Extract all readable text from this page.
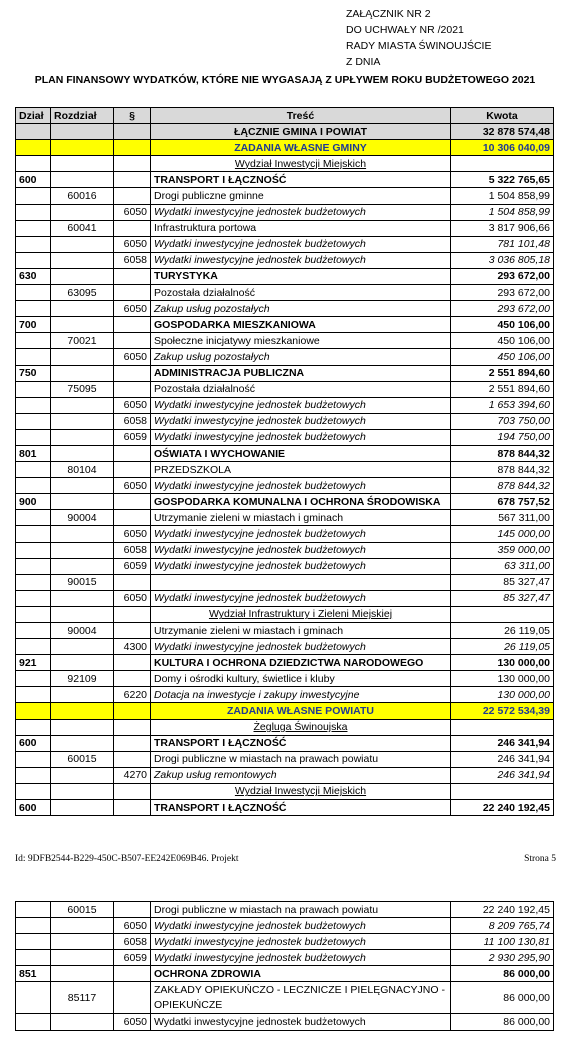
ZAŁĄCZNIK NR 2
DO UCHWAŁY NR /2021
RADY MIASTA ŚWINOUJŚCIE
Z DNIA
PLAN FINANSOWY WYDATKÓW, KTÓRE NIE WYGASAJĄ Z UPŁYWEM ROKU BUDŻETOWEGO 2021
Dział	Rozdział	§	Treść	Kwota
			ŁĄCZNIE GMINA I POWIAT	32 878 574,48
			ZADANIA WŁASNE GMINY	10 306 040,09
			Wydział Inwestycji Miejskich	
600			TRANSPORT I ŁĄCZNOŚĆ	5 322 765,65
	60016		Drogi publiczne gminne	1 504 858,99
		6050	Wydatki inwestycyjne jednostek budżetowych	1 504 858,99
	60041		Infrastruktura portowa	3 817 906,66
		6050	Wydatki inwestycyjne jednostek budżetowych	781 101,48
		6058	Wydatki inwestycyjne jednostek budżetowych	3 036 805,18
630			TURYSTYKA	293 672,00
	63095		Pozostała działalność	293 672,00
		6050	Zakup usług pozostałych	293 672,00
700			GOSPODARKA MIESZKANIOWA	450 106,00
	70021		Społeczne inicjatywy mieszkaniowe	450 106,00
		6050	Zakup usług pozostałych	450 106,00
750			ADMINISTRACJA PUBLICZNA	2 551 894,60
	75095		Pozostała działalność	2 551 894,60
		6050	Wydatki inwestycyjne jednostek budżetowych	1 653 394,60
		6058	Wydatki inwestycyjne jednostek budżetowych	703 750,00
		6059	Wydatki inwestycyjne jednostek budżetowych	194 750,00
801			OŚWIATA I WYCHOWANIE	878 844,32
	80104		PRZEDSZKOLA	878 844,32
		6050	Wydatki inwestycyjne jednostek budżetowych	878 844,32
900			GOSPODARKA KOMUNALNA I OCHRONA ŚRODOWISKA	678 757,52
	90004		Utrzymanie zieleni w miastach i gminach	567 311,00
		6050	Wydatki inwestycyjne jednostek budżetowych	145 000,00
		6058	Wydatki inwestycyjne jednostek budżetowych	359 000,00
		6059	Wydatki inwestycyjne jednostek budżetowych	63 311,00
	90015			85 327,47
		6050	Wydatki inwestycyjne jednostek budżetowych	85 327,47
			Wydział Infrastruktury i Zieleni Miejskiej	
	90004		Utrzymanie zieleni w miastach i gminach	26 119,05
		4300	Wydatki inwestycyjne jednostek budżetowych	26 119,05
921			KULTURA I OCHRONA DZIEDZICTWA NARODOWEGO	130 000,00
	92109		Domy i ośrodki kultury, świetlice i kluby	130 000,00
		6220	Dotacja na inwestycje i zakupy inwestycyjne	130 000,00
			ZADANIA WŁASNE POWIATU	22 572 534,39
			Żegluga Świnoujska	
600			TRANSPORT I ŁĄCZNOŚĆ	246 341,94
	60015		Drogi publiczne w miastach na prawach powiatu	246 341,94
		4270	Zakup usług remontowych	246 341,94
			Wydział Inwestycji Miejskich	
600			TRANSPORT I ŁĄCZNOŚĆ	22 240 192,45
Id: 9DFB2544-B229-450C-B507-EE242E069B46. Projekt	Strona 5
	60015		Drogi publiczne w miastach na prawach powiatu	22 240 192,45
		6050	Wydatki inwestycyjne jednostek budżetowych	8 209 765,74
		6058	Wydatki inwestycyjne jednostek budżetowych	11 100 130,81
		6059	Wydatki inwestycyjne jednostek budżetowych	2 930 295,90
851			OCHRONA ZDROWIA	86 000,00
	85117		ZAKŁADY OPIEKUŃCZO - LECZNICZE I PIELĘGNACYJNO - OPIEKUŃCZE	86 000,00
		6050	Wydatki inwestycyjne jednostek budżetowych	86 000,00
